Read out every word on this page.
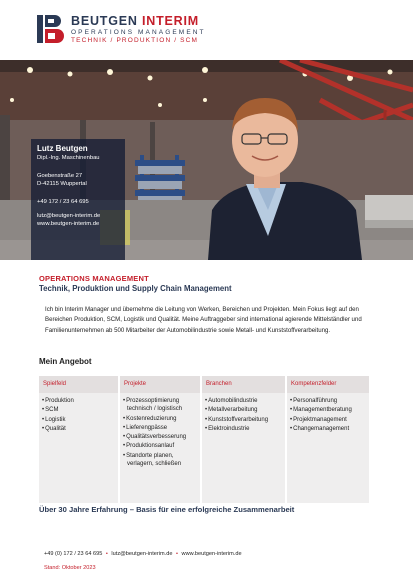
BEUTGEN INTERIM
OPERATIONS MANAGEMENT
TECHNIK / PRODUKTION / SCM
Lutz Beutgen
Dipl.-Ing. Maschinenbau
Goebenstraße 27
D-42115 Wuppertal
+49 172 / 23 64 695
lutz@beutgen-interim.de
www.beutgen-interim.de
OPERATIONS MANAGEMENT
Technik, Produktion und Supply Chain Management
Ich bin Interim Manager und übernehme die Leitung von Werken, Bereichen und Projekten. Mein Fokus liegt auf den Bereichen Produktion, SCM, Logistik und Qualität. Meine Auftraggeber sind international agierende Mittelständler und Familienunternehmen ab 500 Mitarbeiter der Automobilindustrie sowie Metall- und Kunststoffverarbeitung.
Mein Angebot
Spielfeld
• Produktion
• SCM
• Logistik
• Qualität
Projekte
• Prozessoptimierung technisch / logistisch
• Kostenreduzierung
• Lieferengpässe
• Qualitätsverbesserung
• Produktionsanlauf
• Standorte planen, verlagern, schließen
Branchen
• Automobilindustrie
• Metallverarbeitung
• Kunststoffverarbeitung
• Elektroindustrie
Kompetenzfelder
• Personalführung
• Managementberatung
• Projektmanagement
• Changemanagement
Über 30 Jahre Erfahrung – Basis für eine erfolgreiche Zusammenarbeit
+49 (0) 172 / 23 64 695 • lutz@beutgen-interim.de • www.beutgen-interim.de
Stand: Oktober 2023
